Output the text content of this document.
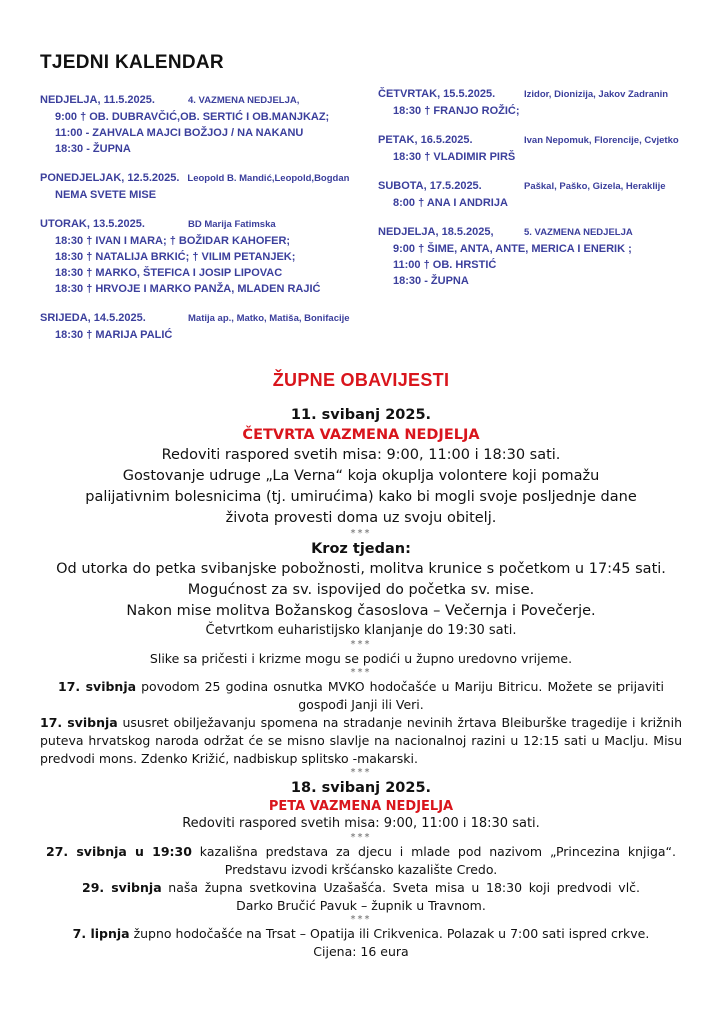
TJEDNI KALENDAR
NEDJELJA, 11.5.2025.	4. VAZMENA NEDJELJA,
9:00 † OB. DUBRAVČIĆ,OB. SERTIĆ I OB.MANJKAZ;
11:00 - ZAHVALA MAJCI BOŽJOJ / NA NAKANU
18:30 - ŽUPNA
PONEDJELJAK, 12.5.2025. Leopold B. Mandić,Leopold,Bogdan
NEMA SVETE MISE
UTORAK, 13.5.2025.	BD Marija Fatimska
18:30 † IVAN I MARA; † BOŽIDAR KAHOFER;
18:30 † NATALIJA BRKIĆ; † VILIM PETANJEK;
18:30 † MARKO, ŠTEFICA I JOSIP LIPOVAC
18:30 † HRVOJE I MARKO PANŽA, MLADEN RAJIĆ
SRIJEDA, 14.5.2025.	Matija ap., Matko, Matiša, Bonifacije
18:30 † MARIJA PALIĆ
ČETVRTAK, 15.5.2025.	Izidor, Dionizija, Jakov Zadranin
18:30 † FRANJO ROŽIĆ;
PETAK, 16.5.2025.	Ivan Nepomuk, Florencije, Cvjetko
18:30 † VLADIMIR PIRŠ
SUBOTA, 17.5.2025.	Paškal, Paško, Gizela, Heraklije
8:00 † ANA I ANDRIJA
NEDJELJA, 18.5.2025,	5. VAZMENA NEDJELJA
9:00 † ŠIME, ANTA, ANTE, MERICA I ENERIK ;
11:00 † OB. HRSTIĆ
18:30 - ŽUPNA
ŽUPNE OBAVIJESTI
11. svibanj 2025.
ČETVRTA VAZMENA NEDJELJA
Redoviti raspored svetih misa: 9:00, 11:00 i 18:30 sati.
Gostovanje udruge „La Verna“ koja okuplja volontere koji pomažu palijativnim bolesnicima (tj. umirućima) kako bi mogli svoje posljednje dane života provesti doma uz svoju obitelj.
***
Kroz tjedan:
Od utorka do petka svibanjske pobožnosti, molitva krunice s početkom u 17:45 sati.
Mogućnost za sv. ispovijed do početka sv. mise.
Nakon mise molitva Božanskog časoslova – Večernja i Povečerje.
Četvrtkom euharistijsko klanjanje do 19:30 sati.
***
Slike sa pričesti i krizme mogu se podići u župno uredovno vrijeme.
***
17. svibnja povodom 25 godina osnutka MVKO hodočašće u Mariju Bitricu. Možete se prijaviti gospođi Janji ili Veri.
17. svibnja ususret obilježavanju spomena na stradanje nevinih žrtava Bleiburške tragedije i križnih puteva hrvatskog naroda održat će se misno slavlje na nacionalnoj razini u 12:15 sati u Maclju. Misu predvodi mons. Zdenko Križić, nadbiskup splitsko -makarski.
***
18. svibanj 2025.
PETA VAZMENA NEDJELJA
Redoviti raspored svetih misa: 9:00, 11:00 i 18:30 sati.
***
27. svibnja u 19:30 kazališna predstava za djecu i mlade pod nazivom „Princezina knjiga“. Predstavu izvodi kršćansko kazalište Credo.
29. svibnja naša župna svetkovina Uzašašća. Sveta misa u 18:30 koji predvodi vlč. Darko Bručić Pavuk – župnik u Travnom.
***
7. lipnja župno hodočašće na Trsat – Opatija ili Crikvenica. Polazak u 7:00 sati ispred crkve.
Cijena: 16 eura
